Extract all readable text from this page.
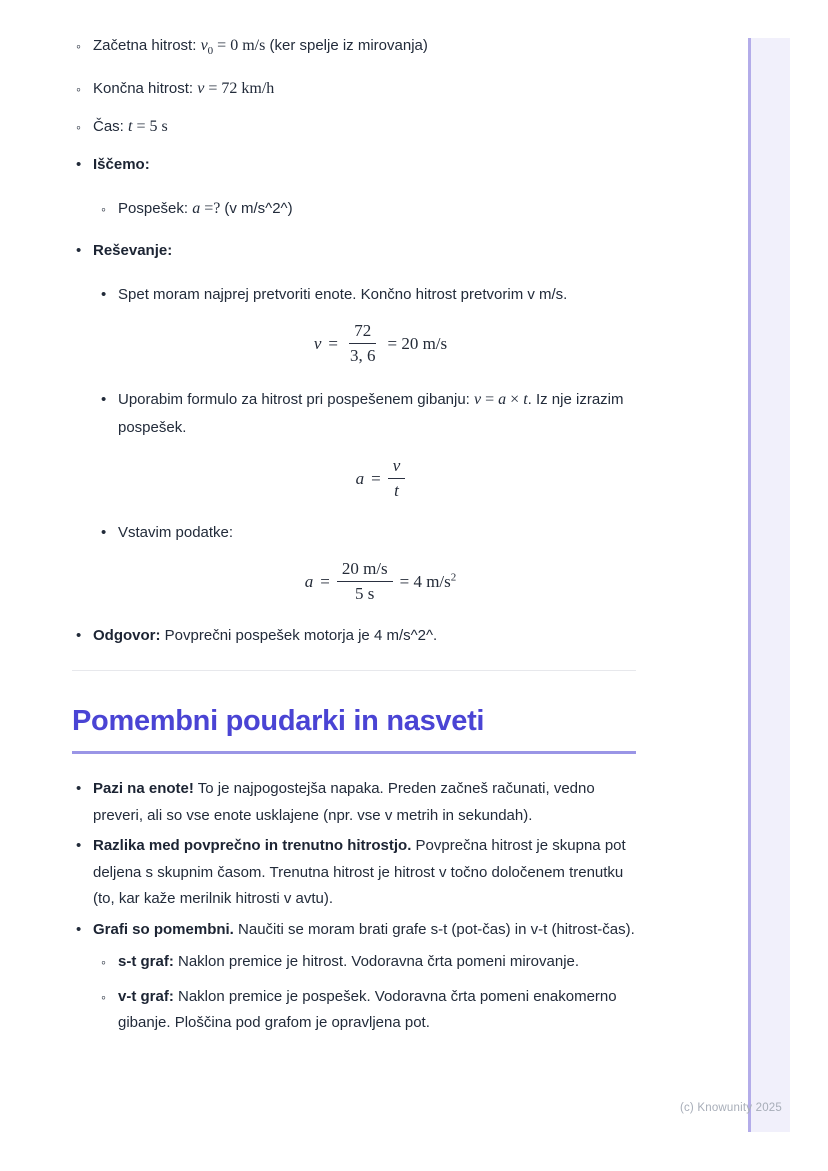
◦
Začetna hitrost: $v_0 = 0$ m/s (ker spelje iz mirovanja)
◦
Končna hitrost: v = 72 km/h
◦
Čas: t = 5 s
•
Iščemo:
◦
Pospešek: a =? (v m/s^2^)
•
Reševanje:
•
Spet moram najprej pretvoriti enote. Končno hitrost pretvorim v m/s.
$v = \frac{72}{3, 6} = 20$ m/s
•
Uporabim formulo za hitrost pri pospešenem gibanju: v = a × t. Iz nje izrazim pospešek.
$a = \frac{v}{t}$
•
Vstavim podatke:
$a = \frac{20 m/s}{5 s} = 4$ $m/s^2$
•
Odgovor: Povprečni pospešek motorja je 4 m/s^2^.
Pomembni poudarki in nasveti
•
Pazi na enote! To je najpogostejša napaka. Preden začneš računati, vedno preveri, ali so vse enote usklajene (npr. vse v metrih in sekundah).
•
Razlika med povprečno in trenutno hitrostjo. Povprečna hitrost je skupna pot deljena s skupnim časom. Trenutna hitrost je hitrost v točno določenem trenutku (to, kar kaže merilnik hitrosti v avtu).
•
Grafi so pomembni. Naučiti se moram brati grafe s-t (pot-čas) in v-t (hitrost-čas).
◦
s-t graf: Naklon premice je hitrost. Vodoravna črta pomeni mirovanje.
◦
v-t graf: Naklon premice je pospešek. Vodoravna črta pomeni enakomerno gibanje. Ploščina pod grafom je opravljena pot.
(c) Knowunity 2025
